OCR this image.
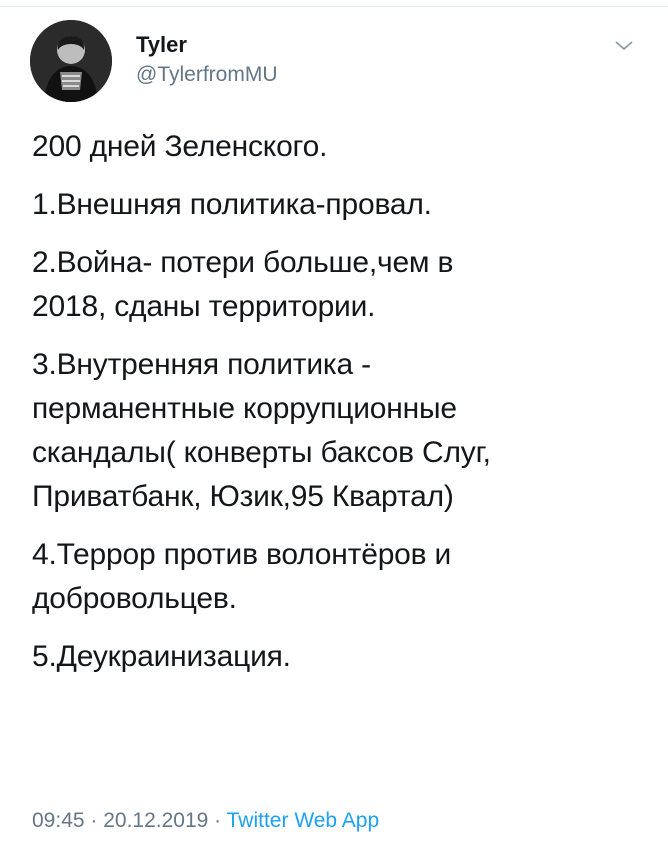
Tyler
@TylerfromMU
200 дней Зеленского.
1.Внешняя политика-провал.
2.Война- потери больше,чем в
2018, сданы территории.
3.Внутренняя политика -
перманентные коррупционные
скандалы( конверты баксов Слуг,
Приватбанк, Юзик,95 Квартал)
4.Террор против волонтёров и
добровольцев.
5.Деукраинизация.
09:45 · 20.12.2019 · Twitter Web App
